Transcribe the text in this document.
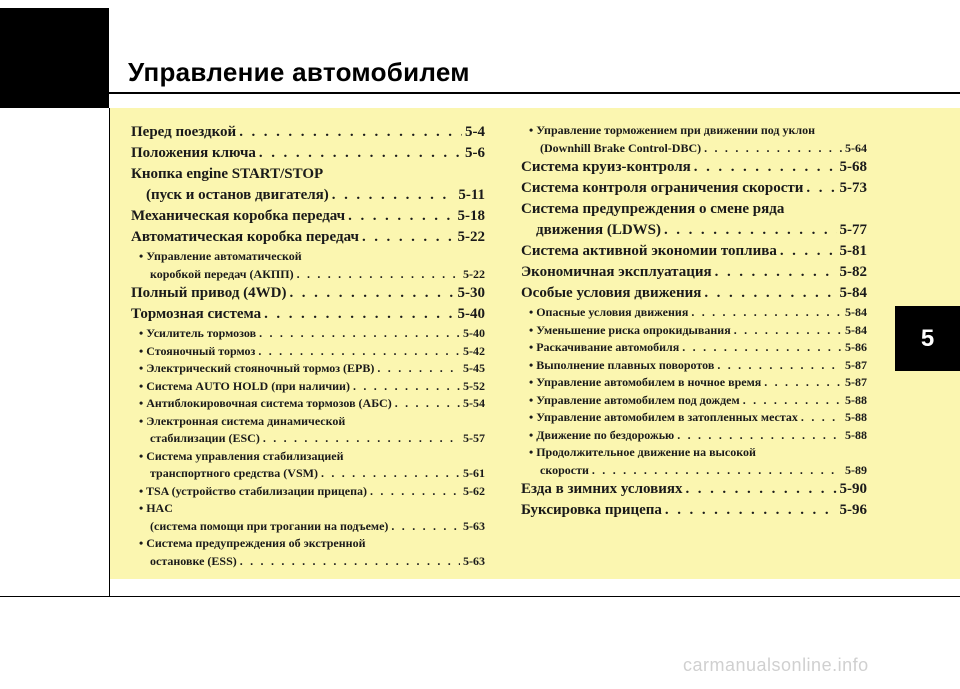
Управление автомобилем
5
Перед поездкой . . .	5-4
Положения ключа . . .	5-6
Кнопка engine START/STOP
(пуск и останов двигателя) . . .	5-11
Механическая коробка передач . . .	5-18
Автоматическая коробка передач . . .	5-22
• Управление автоматической
коробкой передач (АКПП) . . .	5-22
Полный привод (4WD) . . .	5-30
Тормозная система . . .	5-40
• Усилитель тормозов . . .	5-40
• Стояночный тормоз . . .	5-42
• Электрический стояночный тормоз (EPB) . . .	5-45
• Система AUTO HOLD (при наличии) . . .	5-52
• Антиблокировочная система тормозов (АБС) . . .	5-54
• Электронная система динамической
стабилизации (ESC) . . .	5-57
• Система управления стабилизацией
транспортного средства (VSM) . . .	5-61
• TSA (устройство стабилизации прицепа) . . .	5-62
• HAC
(система помощи при трогании на подъеме) . . .	5-63
• Система предупреждения об экстренной
остановке (ESS) . . .	5-63
• Управление торможением при движении под уклон
(Downhill Brake Control-DBC) . . .	5-64
Система круиз-контроля . . .	5-68
Система контроля ограничения скорости . . . 5-73
Система предупреждения о смене ряда
движения (LDWS) . . .	5-77
Система активной экономии топлива . . .	5-81
Экономичная эксплуатация . . .	5-82
Особые условия движения . . .	5-84
• Опасные условия движения . . .	5-84
• Уменьшение риска опрокидывания . . .	5-84
• Раскачивание автомобиля . . .	5-86
• Выполнение плавных поворотов . . .	5-87
• Управление автомобилем в ночное время . . .	5-87
• Управление автомобилем под дождем . . .	5-88
• Управление автомобилем в затопленных местах . . .	5-88
• Движение по бездорожью . . .	5-88
• Продолжительное движение на высокой
скорости . . .	5-89
Езда в зимних условиях . . .	5-90
Буксировка прицепа . . .	5-96
carmanualsonline.info
